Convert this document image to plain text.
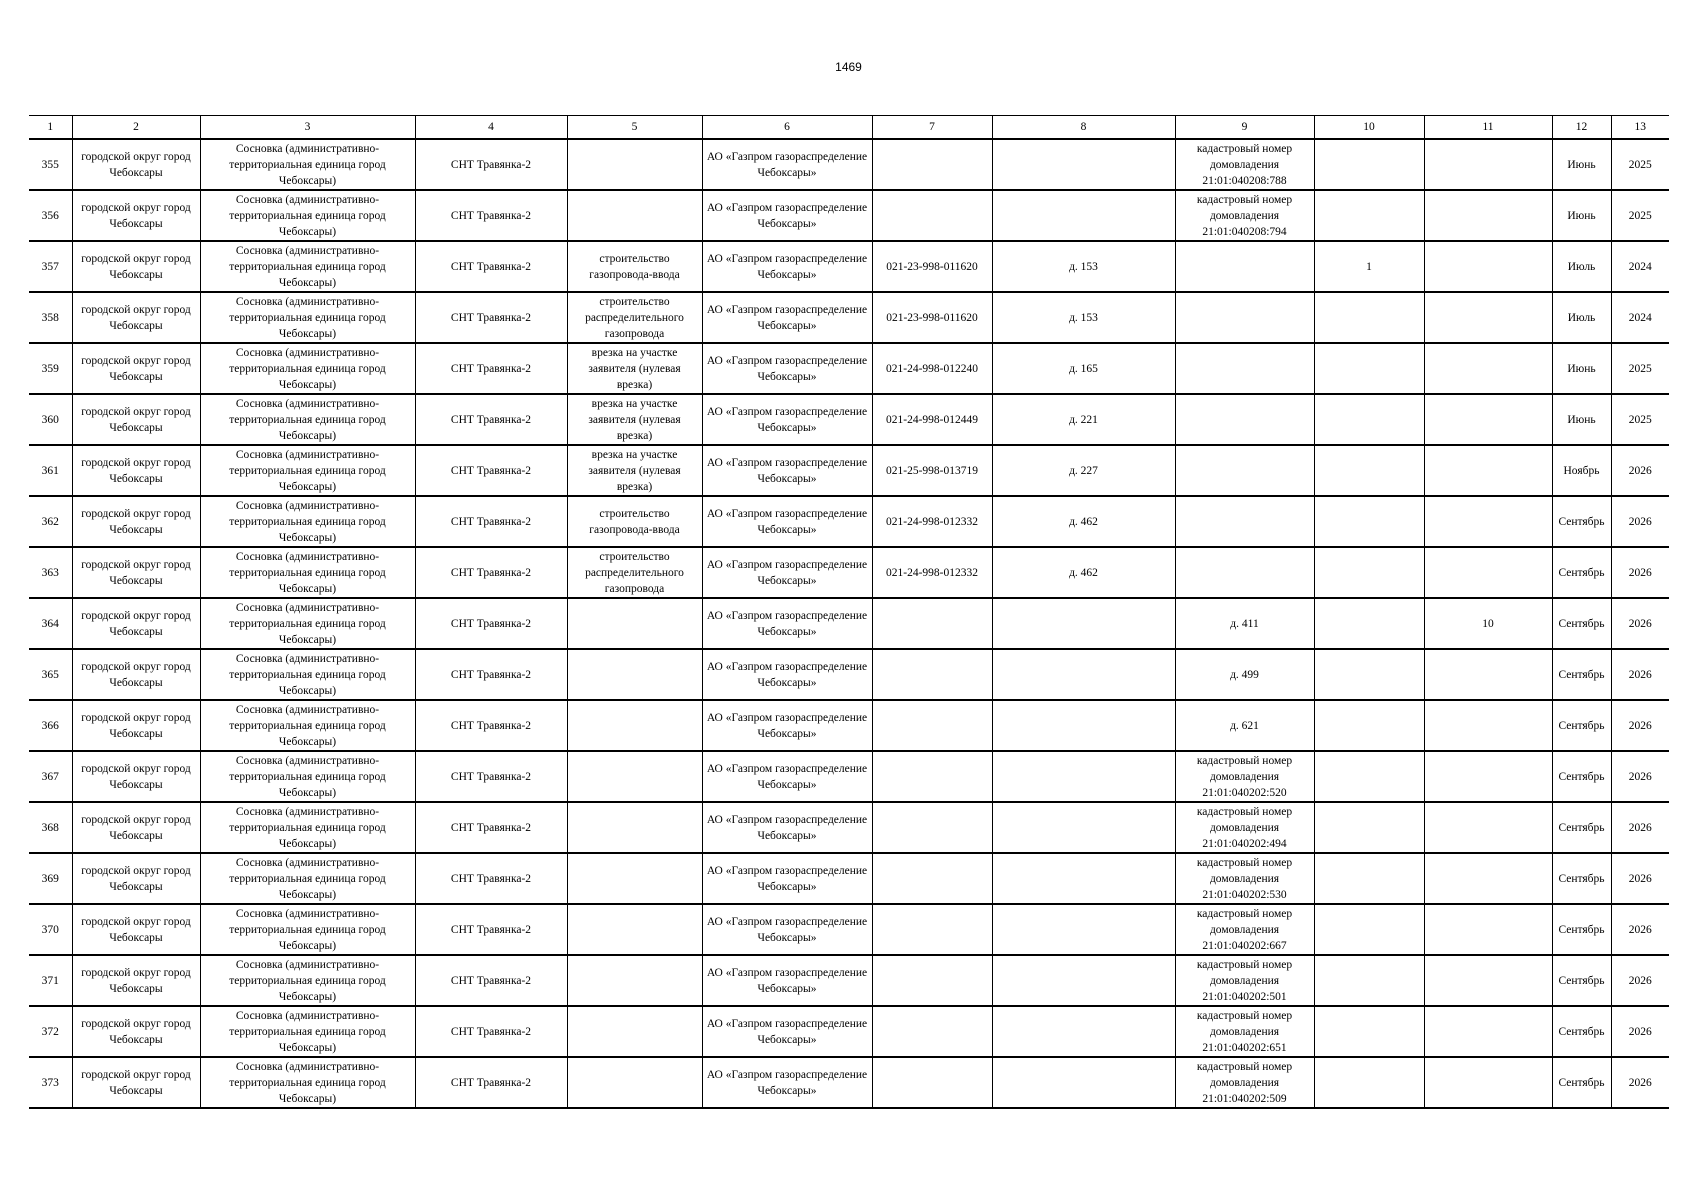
1469
1	2	3	4	5	6	7	8	9	10	11	12	13
355	городской округ город Чебоксары	Сосновка (административно-территориальная единица город Чебоксары)	СНТ Травянка-2		АО «Газпром газораспределение Чебоксары»			кадастровый номер домовладения 21:01:040208:788			Июнь	2025
356	городской округ город Чебоксары	Сосновка (административно-территориальная единица город Чебоксары)	СНТ Травянка-2		АО «Газпром газораспределение Чебоксары»			кадастровый номер домовладения 21:01:040208:794			Июнь	2025
357	городской округ город Чебоксары	Сосновка (административно-территориальная единица город Чебоксары)	СНТ Травянка-2	строительство газопровода-ввода	АО «Газпром газораспределение Чебоксары»	021-23-998-011620	д. 153		1		Июль	2024
358	городской округ город Чебоксары	Сосновка (административно-территориальная единица город Чебоксары)	СНТ Травянка-2	строительство распределительного газопровода	АО «Газпром газораспределение Чебоксары»	021-23-998-011620	д. 153				Июль	2024
359	городской округ город Чебоксары	Сосновка (административно-территориальная единица город Чебоксары)	СНТ Травянка-2	врезка на участке заявителя (нулевая врезка)	АО «Газпром газораспределение Чебоксары»	021-24-998-012240	д. 165				Июнь	2025
360	городской округ город Чебоксары	Сосновка (административно-территориальная единица город Чебоксары)	СНТ Травянка-2	врезка на участке заявителя (нулевая врезка)	АО «Газпром газораспределение Чебоксары»	021-24-998-012449	д. 221				Июнь	2025
361	городской округ город Чебоксары	Сосновка (административно-территориальная единица город Чебоксары)	СНТ Травянка-2	врезка на участке заявителя (нулевая врезка)	АО «Газпром газораспределение Чебоксары»	021-25-998-013719	д. 227				Ноябрь	2026
362	городской округ город Чебоксары	Сосновка (административно-территориальная единица город Чебоксары)	СНТ Травянка-2	строительство газопровода-ввода	АО «Газпром газораспределение Чебоксары»	021-24-998-012332	д. 462				Сентябрь	2026
363	городской округ город Чебоксары	Сосновка (административно-территориальная единица город Чебоксары)	СНТ Травянка-2	строительство распределительного газопровода	АО «Газпром газораспределение Чебоксары»	021-24-998-012332	д. 462				Сентябрь	2026
364	городской округ город Чебоксары	Сосновка (административно-территориальная единица город Чебоксары)	СНТ Травянка-2		АО «Газпром газораспределение Чебоксары»			д. 411		10	Сентябрь	2026
365	городской округ город Чебоксары	Сосновка (административно-территориальная единица город Чебоксары)	СНТ Травянка-2		АО «Газпром газораспределение Чебоксары»			д. 499			Сентябрь	2026
366	городской округ город Чебоксары	Сосновка (административно-территориальная единица город Чебоксары)	СНТ Травянка-2		АО «Газпром газораспределение Чебоксары»			д. 621			Сентябрь	2026
367	городской округ город Чебоксары	Сосновка (административно-территориальная единица город Чебоксары)	СНТ Травянка-2		АО «Газпром газораспределение Чебоксары»			кадастровый номер домовладения 21:01:040202:520			Сентябрь	2026
368	городской округ город Чебоксары	Сосновка (административно-территориальная единица город Чебоксары)	СНТ Травянка-2		АО «Газпром газораспределение Чебоксары»			кадастровый номер домовладения 21:01:040202:494			Сентябрь	2026
369	городской округ город Чебоксары	Сосновка (административно-территориальная единица город Чебоксары)	СНТ Травянка-2		АО «Газпром газораспределение Чебоксары»			кадастровый номер домовладения 21:01:040202:530			Сентябрь	2026
370	городской округ город Чебоксары	Сосновка (административно-территориальная единица город Чебоксары)	СНТ Травянка-2		АО «Газпром газораспределение Чебоксары»			кадастровый номер домовладения 21:01:040202:667			Сентябрь	2026
371	городской округ город Чебоксары	Сосновка (административно-территориальная единица город Чебоксары)	СНТ Травянка-2		АО «Газпром газораспределение Чебоксары»			кадастровый номер домовладения 21:01:040202:501			Сентябрь	2026
372	городской округ город Чебоксары	Сосновка (административно-территориальная единица город Чебоксары)	СНТ Травянка-2		АО «Газпром газораспределение Чебоксары»			кадастровый номер домовладения 21:01:040202:651			Сентябрь	2026
373	городской округ город Чебоксары	Сосновка (административно-территориальная единица город Чебоксары)	СНТ Травянка-2		АО «Газпром газораспределение Чебоксары»			кадастровый номер домовладения 21:01:040202:509			Сентябрь	2026
